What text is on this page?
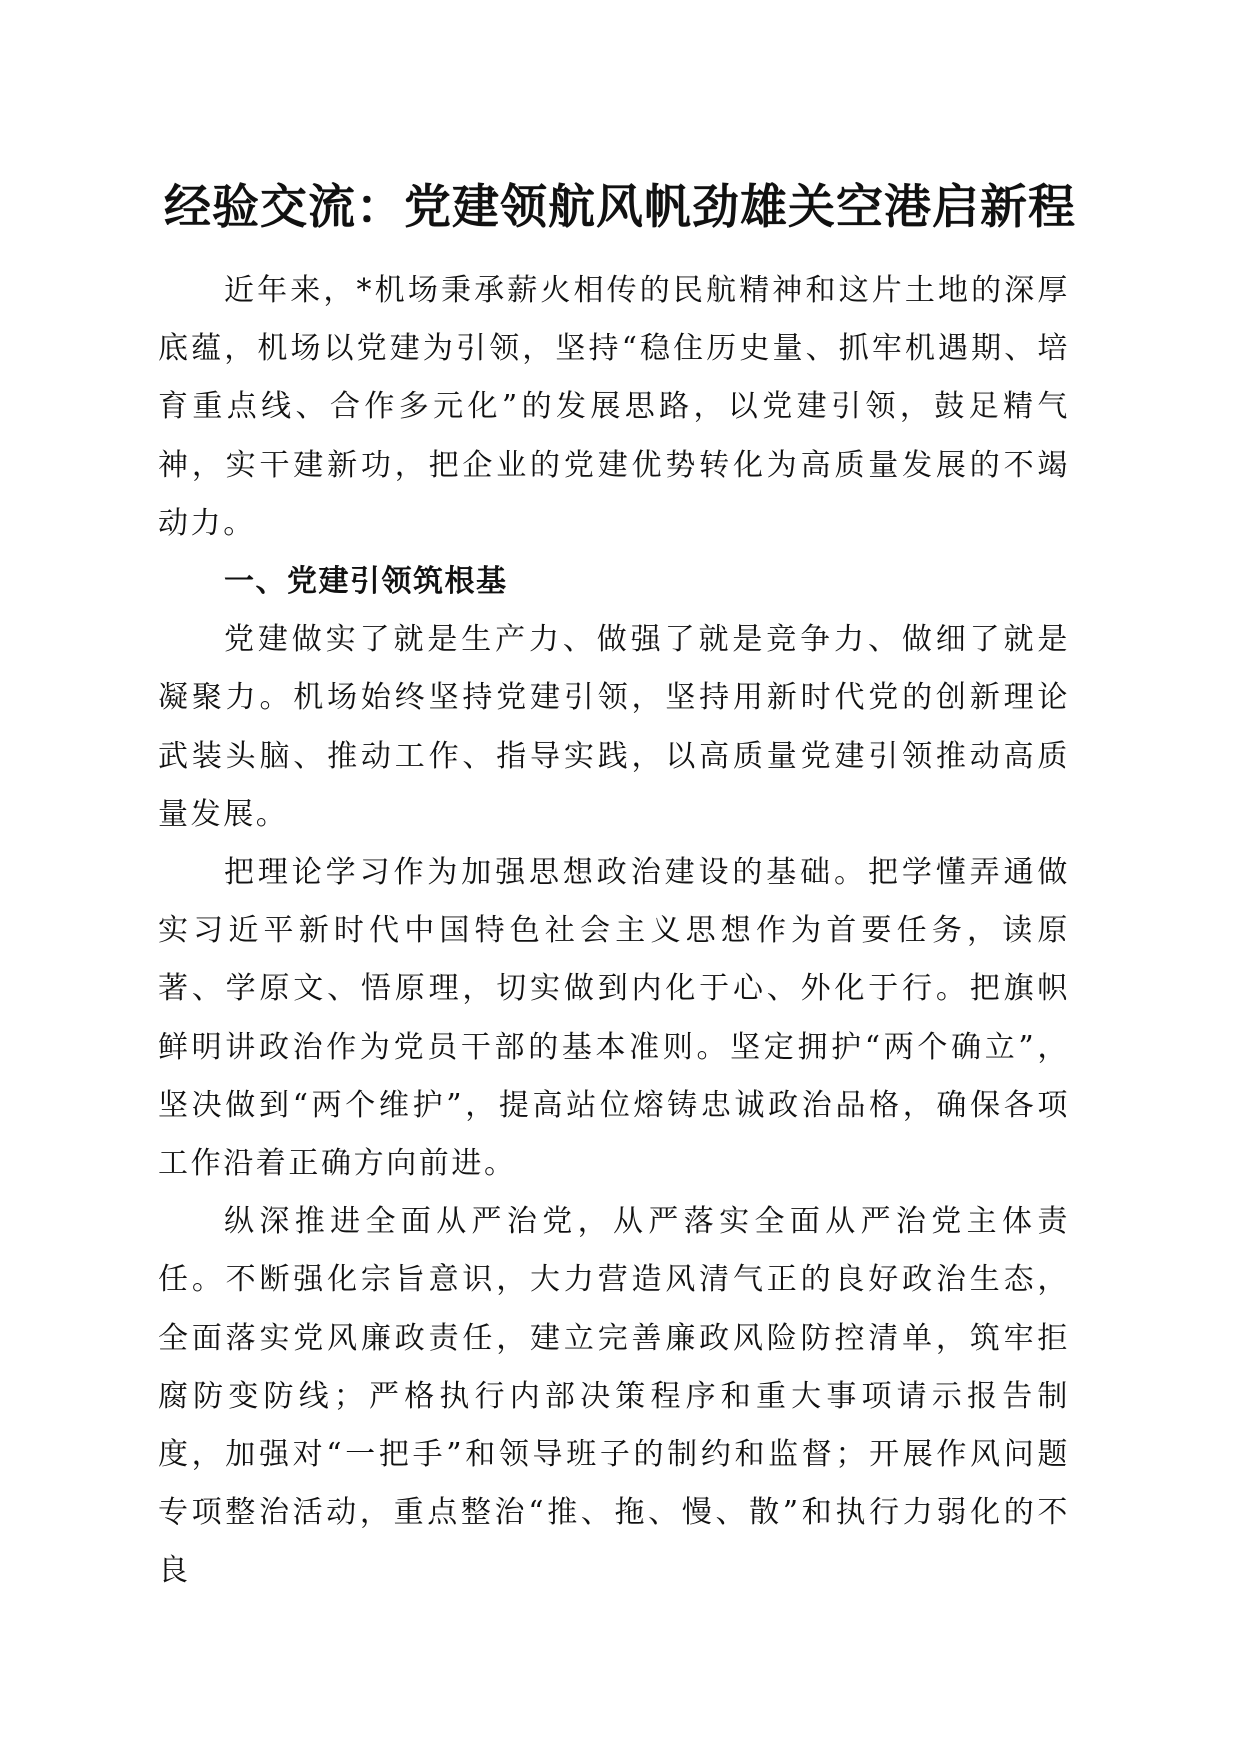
经验交流：党建领航风帆劲雄关空港启新程

近年来，*机场秉承薪火相传的民航精神和这片土地的深厚底蕴，机场以党建为引领，坚持“稳住历史量、抓牢机遇期、培育重点线、合作多元化”的发展思路，以党建引领，鼓足精气神，实干建新功，把企业的党建优势转化为高质量发展的不竭动力。

一、党建引领筑根基

党建做实了就是生产力、做强了就是竞争力、做细了就是凝聚力。机场始终坚持党建引领，坚持用新时代党的创新理论武装头脑、推动工作、指导实践，以高质量党建引领推动高质量发展。

把理论学习作为加强思想政治建设的基础。把学懂弄通做实习近平新时代中国特色社会主义思想作为首要任务，读原著、学原文、悟原理，切实做到内化于心、外化于行。把旗帜鲜明讲政治作为党员干部的基本准则。坚定拥护“两个确立”，坚决做到“两个维护”，提高站位熔铸忠诚政治品格，确保各项工作沿着正确方向前进。

纵深推进全面从严治党，从严落实全面从严治党主体责任。不断强化宗旨意识，大力营造风清气正的良好政治生态，全面落实党风廉政责任，建立完善廉政风险防控清单，筑牢拒腐防变防线；严格执行内部决策程序和重大事项请示报告制度，加强对“一把手”和领导班子的制约和监督；开展作风问题专项整治活动，重点整治“推、拖、慢、散”和执行力弱化的不良
